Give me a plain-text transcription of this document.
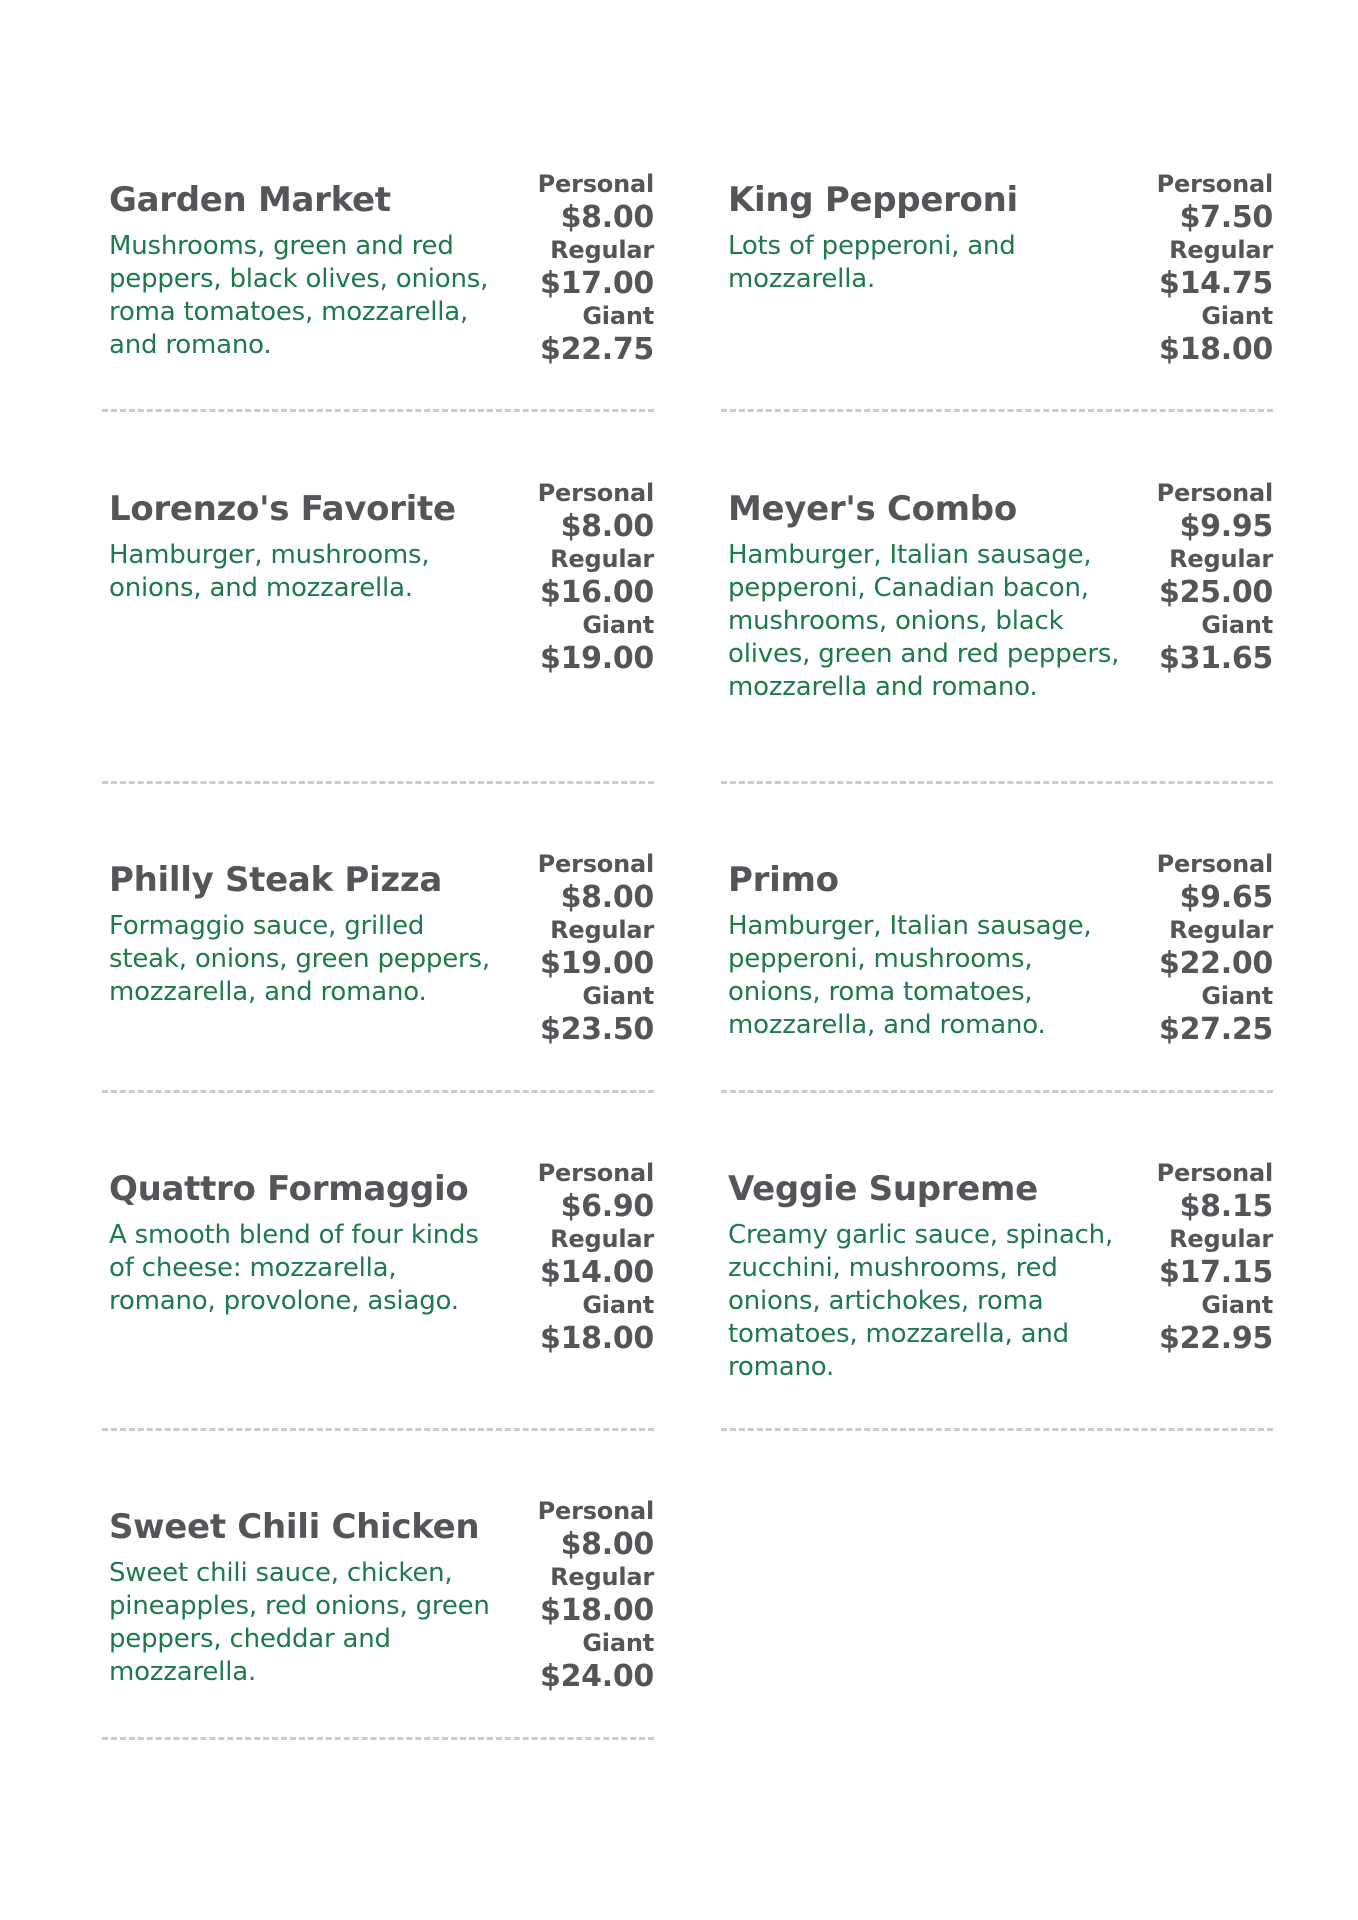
Garden Market
Mushrooms, green and red peppers, black olives, onions, roma tomatoes, mozzarella, and romano.
Personal
$8.00
Regular
$17.00
Giant
$22.75
King Pepperoni
Lots of pepperoni, and mozzarella.
Personal
$7.50
Regular
$14.75
Giant
$18.00
Lorenzo's Favorite
Hamburger, mushrooms, onions, and mozzarella.
Personal
$8.00
Regular
$16.00
Giant
$19.00
Meyer's Combo
Hamburger, Italian sausage, pepperoni, Canadian bacon, mushrooms, onions, black olives, green and red peppers, mozzarella and romano.
Personal
$9.95
Regular
$25.00
Giant
$31.65
Philly Steak Pizza
Formaggio sauce, grilled steak, onions, green peppers, mozzarella, and romano.
Personal
$8.00
Regular
$19.00
Giant
$23.50
Primo
Hamburger, Italian sausage, pepperoni, mushrooms, onions, roma tomatoes, mozzarella, and romano.
Personal
$9.65
Regular
$22.00
Giant
$27.25
Quattro Formaggio
A smooth blend of four kinds of cheese: mozzarella, romano, provolone, asiago.
Personal
$6.90
Regular
$14.00
Giant
$18.00
Veggie Supreme
Creamy garlic sauce, spinach, zucchini, mushrooms, red onions, artichokes, roma tomatoes, mozzarella, and romano.
Personal
$8.15
Regular
$17.15
Giant
$22.95
Sweet Chili Chicken
Sweet chili sauce, chicken, pineapples, red onions, green peppers, cheddar and mozzarella.
Personal
$8.00
Regular
$18.00
Giant
$24.00
